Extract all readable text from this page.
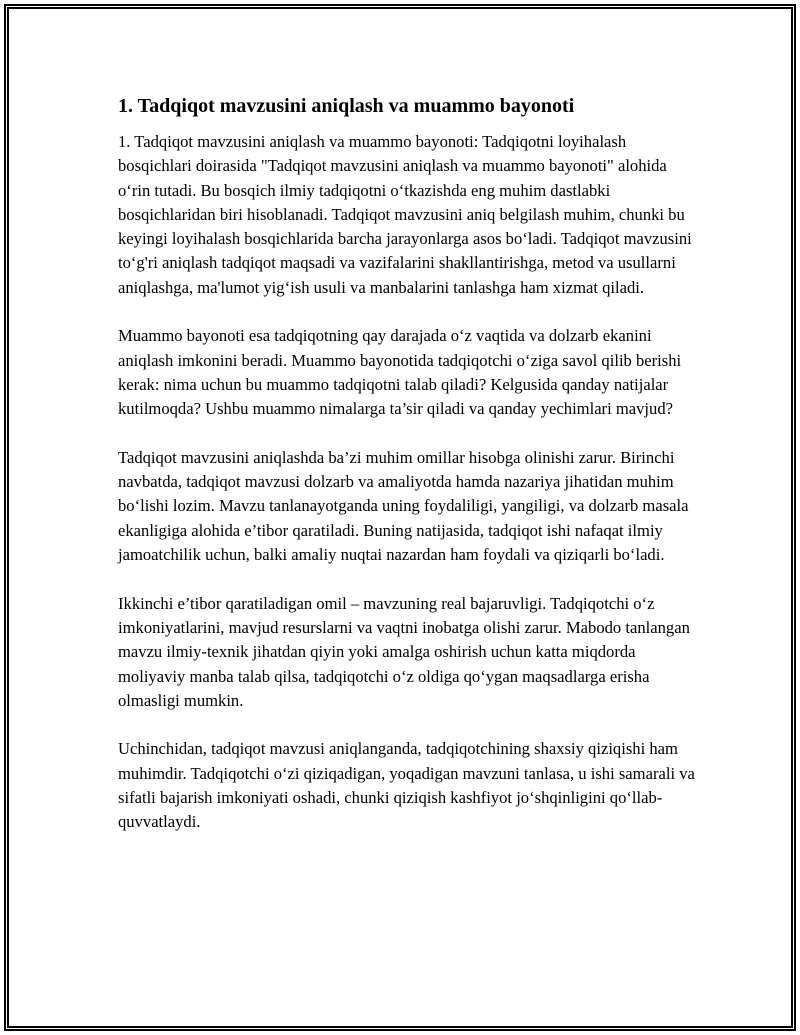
1. Tadqiqot mavzusini aniqlash va muammo bayonoti

1. Tadqiqot mavzusini aniqlash va muammo bayonoti: Tadqiqotni loyihalash bosqichlari doirasida "Tadqiqot mavzusini aniqlash va muammo bayonoti" alohida o‘rin tutadi. Bu bosqich ilmiy tadqiqotni o‘tkazishda eng muhim dastlabki bosqichlaridan biri hisoblanadi. Tadqiqot mavzusini aniq belgilash muhim, chunki bu keyingi loyihalash bosqichlarida barcha jarayonlarga asos bo‘ladi. Tadqiqot mavzusini to‘g'ri aniqlash tadqiqot maqsadi va vazifalarini shakllantirishga, metod va usullarni aniqlashga, ma'lumot yig‘ish usuli va manbalarini tanlashga ham xizmat qiladi.

Muammo bayonoti esa tadqiqotning qay darajada o‘z vaqtida va dolzarb ekanini aniqlash imkonini beradi. Muammo bayonotida tadqiqotchi o‘ziga savol qilib berishi kerak: nima uchun bu muammo tadqiqotni talab qiladi? Kelgusida qanday natijalar kutilmoqda? Ushbu muammo nimalarga ta’sir qiladi va qanday yechimlari mavjud?

Tadqiqot mavzusini aniqlashda ba’zi muhim omillar hisobga olinishi zarur. Birinchi navbatda, tadqiqot mavzusi dolzarb va amaliyotda hamda nazariya jihatidan muhim bo‘lishi lozim. Mavzu tanlanayotganda uning foydaliligi, yangiligi, va dolzarb masala ekanligiga alohida e’tibor qaratiladi. Buning natijasida, tadqiqot ishi nafaqat ilmiy jamoatchilik uchun, balki amaliy nuqtai nazardan ham foydali va qiziqarli bo‘ladi.

Ikkinchi e’tibor qaratiladigan omil – mavzuning real bajaruvligi. Tadqiqotchi o‘z imkoniyatlarini, mavjud resurslarni va vaqtni inobatga olishi zarur. Mabodo tanlangan mavzu ilmiy-texnik jihatdan qiyin yoki amalga oshirish uchun katta miqdorda moliyaviy manba talab qilsa, tadqiqotchi o‘z oldiga qo‘ygan maqsadlarga erisha olmasligi mumkin.

Uchinchidan, tadqiqot mavzusi aniqlanganda, tadqiqotchining shaxsiy qiziqishi ham muhimdir. Tadqiqotchi o‘zi qiziqadigan, yoqadigan mavzuni tanlasa, u ishi samarali va sifatli bajarish imkoniyati oshadi, chunki qiziqish kashfiyot jo‘shqinligini qo‘llab-quvvatlaydi.
